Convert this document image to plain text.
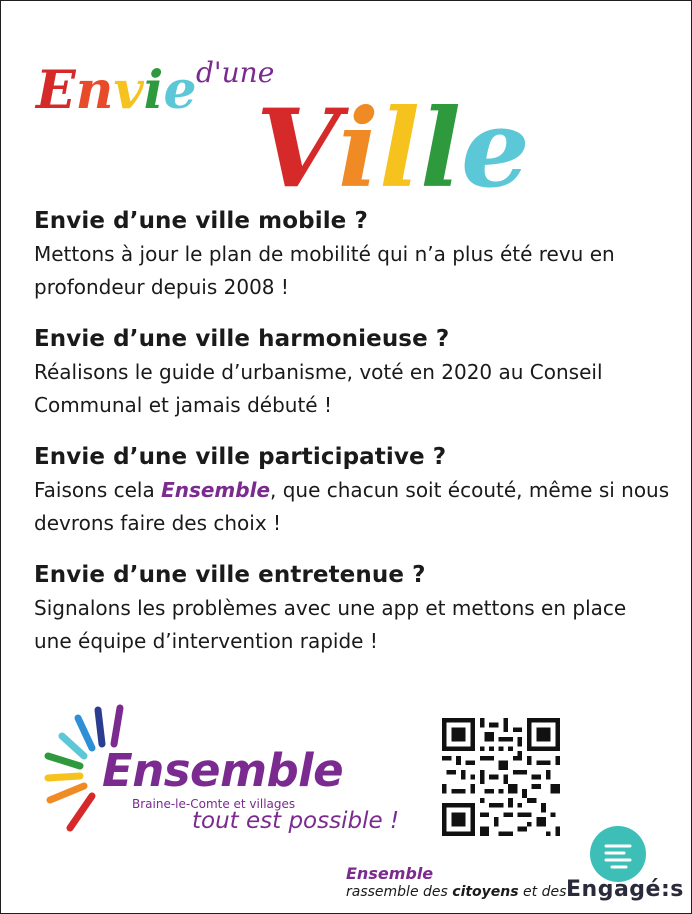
Envie d'une
Ville
Envie d’une ville mobile ?

Mettons à jour le plan de mobilité qui n’a plus été revu en profondeur depuis 2008 !

Envie d’une ville harmonieuse ?

Réalisons le guide d’urbanisme, voté en 2020 au Conseil Communal et jamais débuté !

Envie d’une ville participative ?

Faisons cela Ensemble, que chacun soit écouté, même si nous devrons faire des choix !

Envie d’une ville entretenue ?

Signalons les problèmes avec une app et mettons en place une équipe d’intervention rapide !

Ensemble
Braine-le-Comte et villages
tout est possible !
Ensemble
rassemble des citoyens et des Engagé:s
